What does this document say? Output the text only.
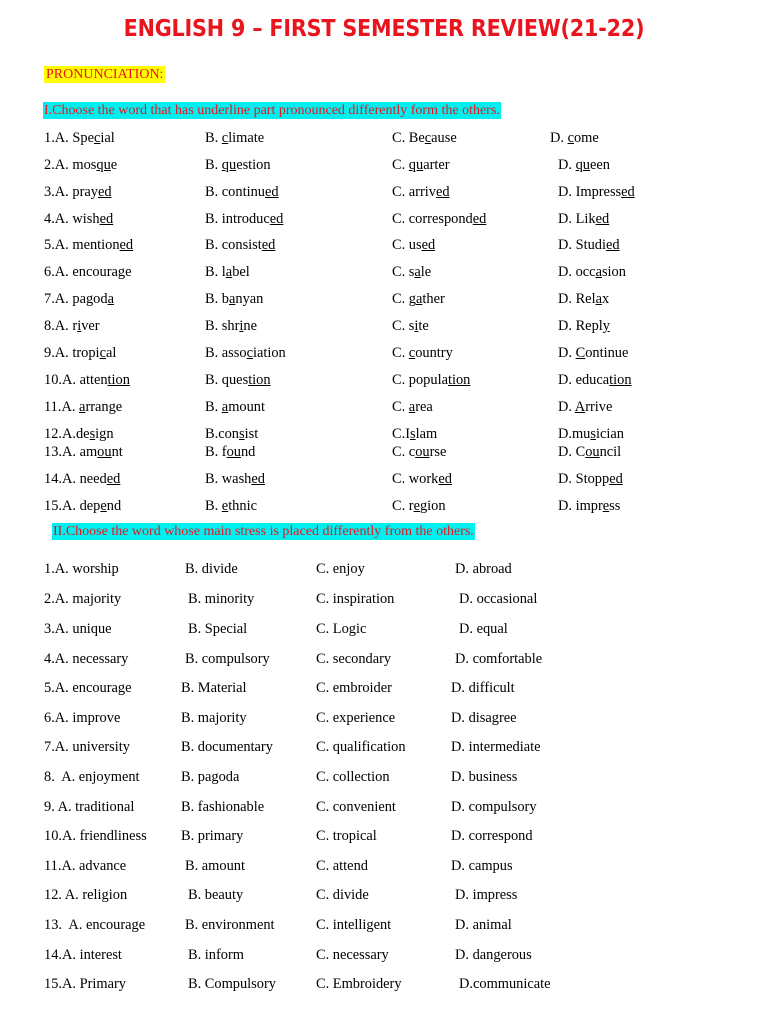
ENGLISH 9 – FIRST SEMESTER REVIEW(21-22)
PRONUNCIATION:
I.Choose the word that has underline part pronounced differently form the others.
1.A. Special	B. climate	C. Because	D. come
2.A. mosque	B. question	C. quarter	D. queen
3.A. prayed	B. continued	C. arrived	D. Impressed
4.A. wished	B. introduced	C. corresponded	D. Liked
5.A. mentioned	B. consisted	C. used	D. Studied
6.A. encourage	B. label	C. sale	D. occasion
7.A. pagoda	B. banyan	C. gather	D. Relax
8.A. river	B. shrine	C. site	D. Reply
9.A. tropical	B. association	C. country	D. Continue
10.A. attention	B. question	C. population	D. education
11.A. arrange	B. amount	C. area	D. Arrive
12.A.design	B.consist	C.Islam	D.musician
13.A. amount	B. found	C. course	D. Council
14.A. needed	B. washed	C. worked	D. Stopped
15.A. depend	B. ethnic	C. region	D. impress
II.Choose the word whose main stress is placed differently from the others.
1.A. worship	B. divide	C. enjoy	D. abroad
2.A. majority	B. minority	C. inspiration	D. occasional
3.A. unique	B. Special	C. Logic	D. equal
4.A. necessary	B. compulsory	C. secondary	D. comfortable
5.A. encourage	B. Material	C. embroider	D. difficult
6.A. improve	B. majority	C. experience	D. disagree
7.A. university	B. documentary	C. qualification	D. intermediate
8.  A. enjoyment	B. pagoda	C. collection	D. business
9. A. traditional	B. fashionable	C. convenient	D. compulsory
10.A. friendliness B. primary	C. tropical	D. correspond
11.A. advance	B. amount	C. attend	D. campus
12. A. religion	B. beauty	C. divide	D. impress
13.  A. encourage	B. environment	C. intelligent	D. animal
14.A. interest	B. inform	C. necessary	D. dangerous
15.A. Primary	B. Compulsory	C. Embroidery	D.communicate
